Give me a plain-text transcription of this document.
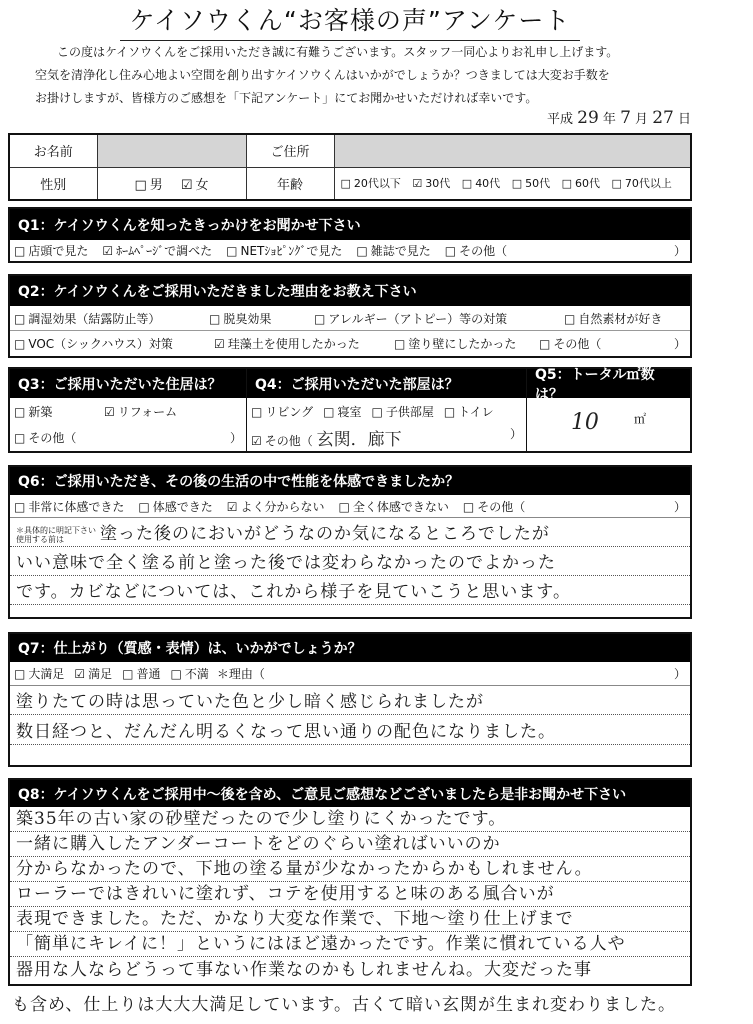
ケイソウくん“お客様の声”アンケート
この度はケイソウくんをご採用いただき誠に有難うございます。スタッフ一同心よりお礼申し上げます。
空気を清浄化し住み心地よい空間を創り出すケイソウくんはいかがでしょうか？つきましては大変お手数を
お掛けしますが、皆様方のご感想を「下記アンケート」にてお聞かせいただければ幸いです。
平成 29 年 7 月 27 日
お名前		ご住所	
性別	□ 男 ☑ 女	年齢	□ 20代以下 ☑ 30代 □ 40代 □ 50代 □ 60代 □ 70代以上
Q1：ケイソウくんを知ったきっかけをお聞かせ下さい
□ 店頭で見た	☑ ﾎｰﾑﾍﾟｰｼﾞで調べた	□ NETｼｮﾋﾟﾝｸﾞで見た	□ 雑誌で見た	□ その他（	）
Q2：ケイソウくんをご採用いただきました理由をお教え下さい
□ 調湿効果（結露防止等）	□ 脱臭効果	□ アレルギー（アトピー）等の対策	□ 自然素材が好き
□ VOC（シックハウス）対策	☑ 珪藻土を使用したかった	□ 塗り壁にしたかった	□ その他（	）
Q3：ご採用いただいた住居は？
□ 新築	☑ リフォーム
□ その他（	）
Q4：ご採用いただいた部屋は？
□ リビング	□ 寝室	□ 子供部屋	□ トイレ
☑ その他（ 玄関．廊下	）
Q5：トータル㎡数は？
10	㎡
Q6：ご採用いただき、その後の生活の中で性能を体感できましたか？
□ 非常に体感できた	□ 体感できた	☑ よく分からない	□ 全く体感できない	□ その他（	）
＊具体的に明記下さい
使用する前は	塗った後のにおいがどうなのか気になるところでしたが
いい意味で全く塗る前と塗った後では変わらなかったのでよかった
です。カビなどについては、これから様子を見ていこうと思います。
Q7：仕上がり（質感・表情）は、いかがでしょうか？
□ 大満足	☑ 満足	□ 普通	□ 不満 ＊理由（	）
塗りたての時は思っていた色と少し暗く感じられましたが
数日経つと、だんだん明るくなって思い通りの配色になりました。
Q8：ケイソウくんをご採用中～後を含め、ご意見ご感想などございましたら是非お聞かせ下さい
築35年の古い家の砂壁だったので少し塗りにくかったです。
一緒に購入したアンダーコートをどのぐらい塗ればいいのか
分からなかったので、下地の塗る量が少なかったからかもしれません。
ローラーではきれいに塗れず、コテを使用すると味のある風合いが
表現できました。ただ、かなり大変な作業で、下地～塗り仕上げまで
「簡単にキレイに！」というにはほど遠かったです。作業に慣れている人や
器用な人ならどうって事ない作業なのかもしれませんね。大変だった事
も含め、仕上りは大大大満足しています。古くて暗い玄関が生まれ変わりました。
